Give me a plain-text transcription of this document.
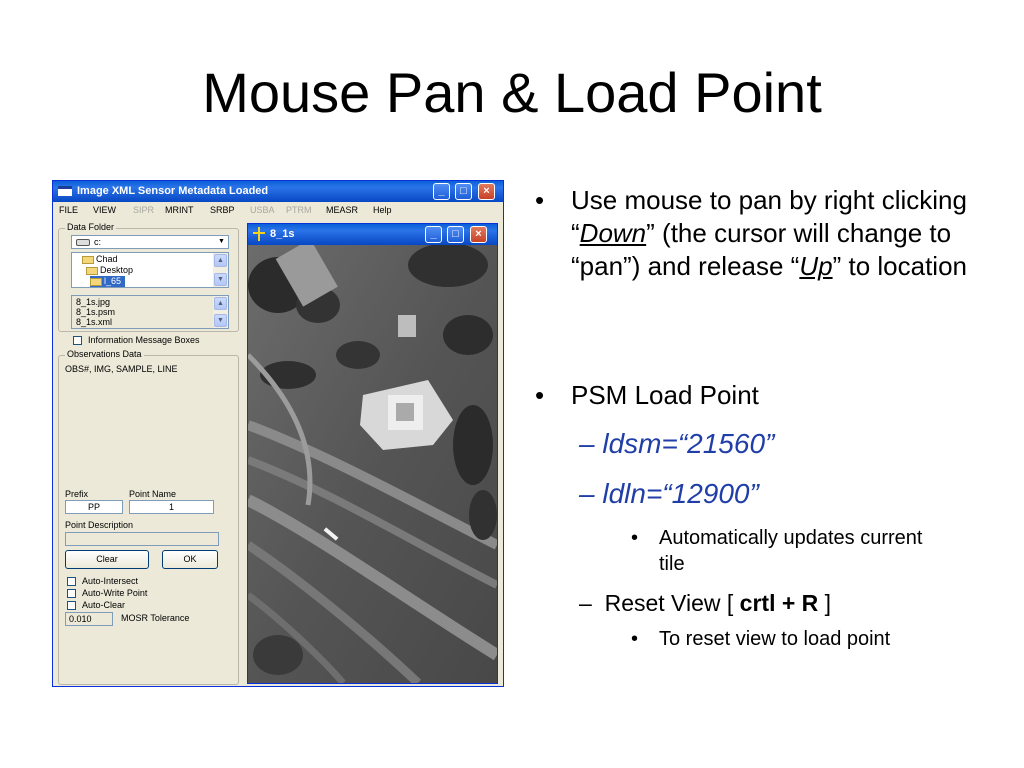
Mouse Pan & Load Point
Image XML Sensor Metadata Loaded	_	□	×
FILE VIEW SIPR MRINT SRBP USBA PTRM MEASR Help
Data Folder
c:	▼
Chad
Desktop
l_65
▲
▼
8_1s.jpg
8_1s.psm
8_1s.xml
▲
▼
Information Message Boxes
Observations Data
OBS#, IMG, SAMPLE, LINE
Prefix	Point Name
PP	1
Point Description
Clear	OK
Auto-Intersect
Auto-Write Point
Auto-Clear
0.010	MOSR Tolerance
8_1s	_	□	×
• Use mouse to pan by right clicking “Down” (the cursor will change to “pan”) and release “Up” to location
• PSM Load Point
– ldsm=“21560”
– ldln=“12900”
• Automatically updates current tile
– Reset View [ crtl + R ]
• To reset view to load point
